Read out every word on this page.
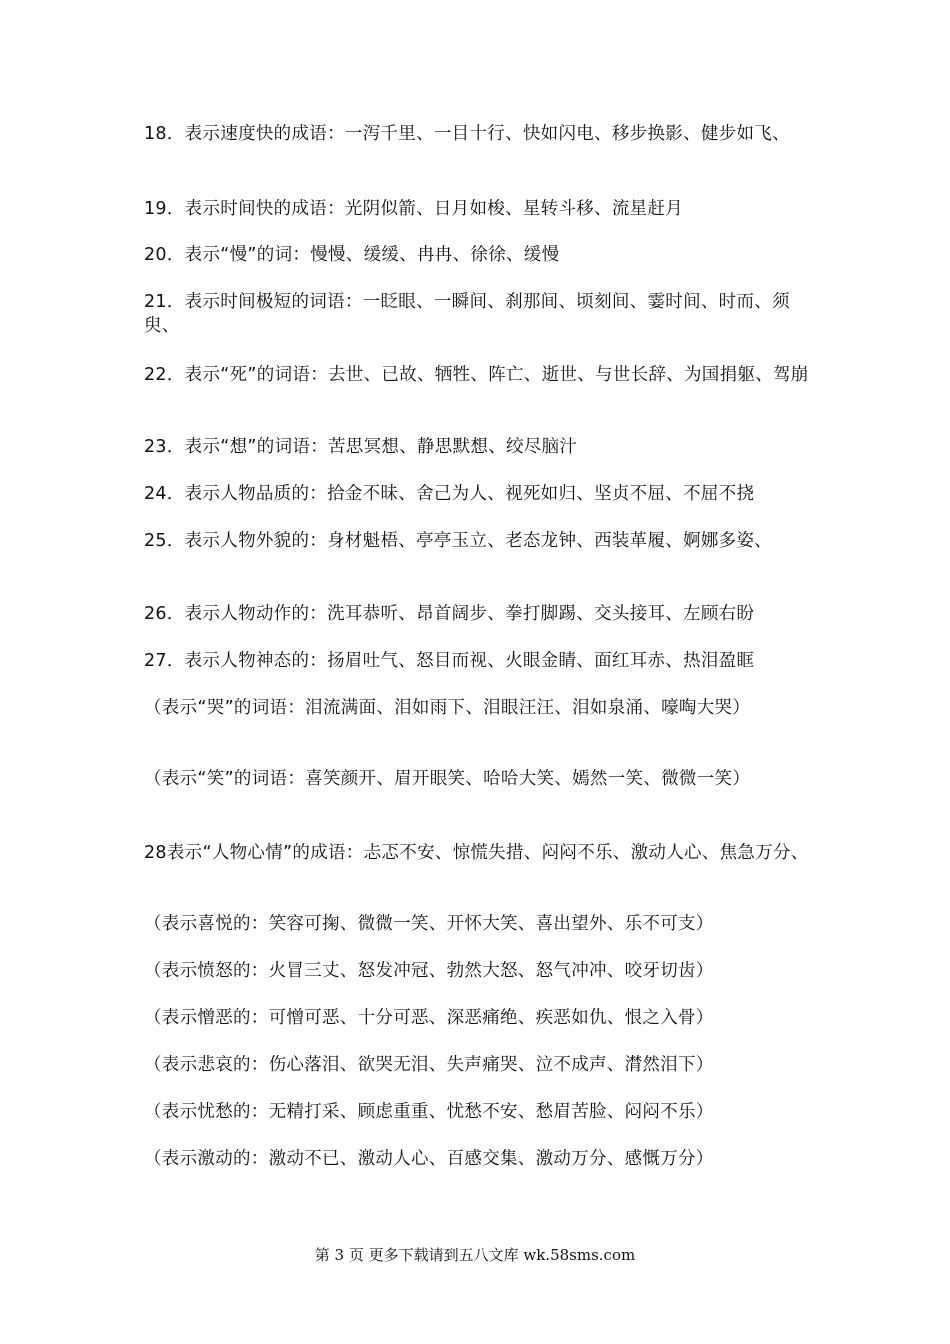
18．表示速度快的成语：一泻千里、一目十行、快如闪电、移步换影、健步如飞、

19．表示时间快的成语：光阴似箭、日月如梭、星转斗移、流星赶月

20．表示“慢”的词：慢慢、缓缓、冉冉、徐徐、缓慢

21．表示时间极短的词语：一眨眼、一瞬间、刹那间、顷刻间、霎时间、时而、须臾、

22．表示“死”的词语：去世、已故、牺牲、阵亡、逝世、与世长辞、为国捐躯、驾崩

23．表示“想”的词语：苦思冥想、静思默想、绞尽脑汁

24．表示人物品质的：拾金不昧、舍己为人、视死如归、坚贞不屈、不屈不挠

25．表示人物外貌的：身材魁梧、亭亭玉立、老态龙钟、西装革履、婀娜多姿、

26．表示人物动作的：洗耳恭听、昂首阔步、拳打脚踢、交头接耳、左顾右盼

27．表示人物神态的：扬眉吐气、怒目而视、火眼金睛、面红耳赤、热泪盈眶

（表示“哭”的词语：泪流满面、泪如雨下、泪眼汪汪、泪如泉涌、嚎啕大哭）

（表示“笑”的词语：喜笑颜开、眉开眼笑、哈哈大笑、嫣然一笑、微微一笑）

28表示“人物心情”的成语：忐忑不安、惊慌失措、闷闷不乐、激动人心、焦急万分、

（表示喜悦的：笑容可掬、微微一笑、开怀大笑、喜出望外、乐不可支）

（表示愤怒的：火冒三丈、怒发冲冠、勃然大怒、怒气冲冲、咬牙切齿）

（表示憎恶的：可憎可恶、十分可恶、深恶痛绝、疾恶如仇、恨之入骨）

（表示悲哀的：伤心落泪、欲哭无泪、失声痛哭、泣不成声、潸然泪下）

（表示忧愁的：无精打采、顾虑重重、忧愁不安、愁眉苦脸、闷闷不乐）

（表示激动的：激动不已、激动人心、百感交集、激动万分、感慨万分）

第 3 页 更多下载请到五八文库 wk.58sms.com
